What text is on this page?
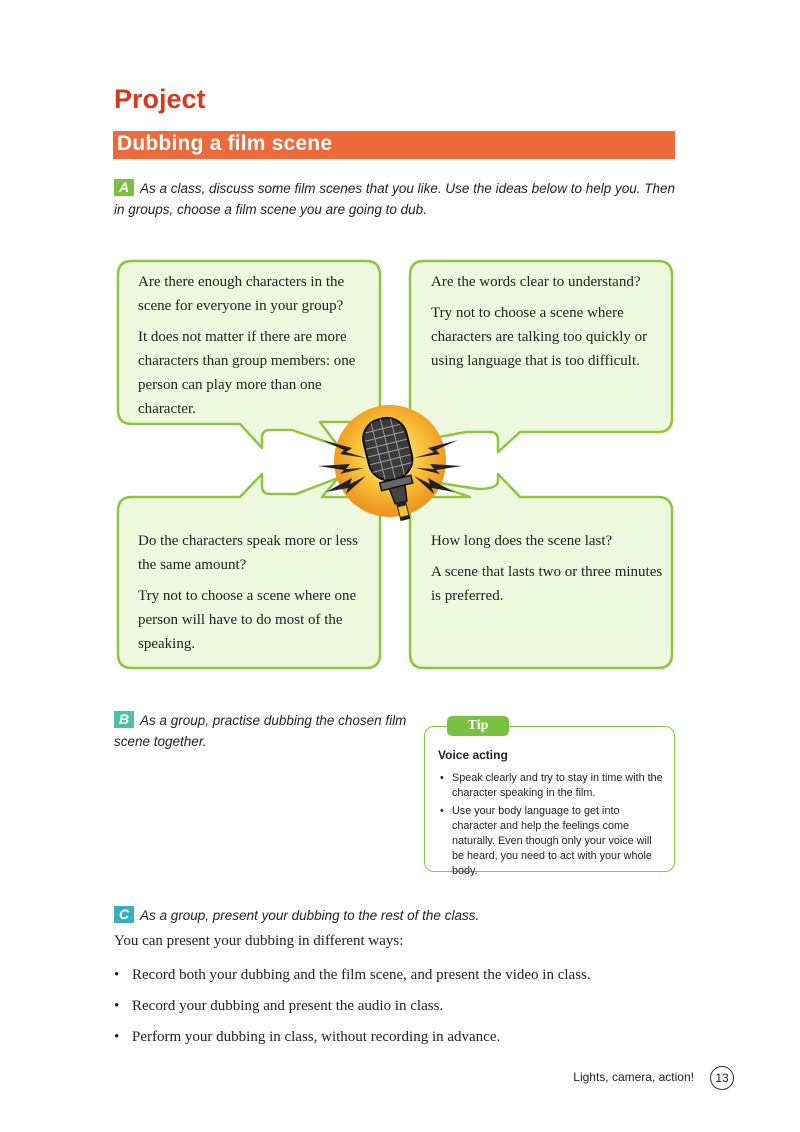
Project
Dubbing a film scene
A As a class, discuss some film scenes that you like. Use the ideas below to help you. Then in groups, choose a film scene you are going to dub.

Are there enough characters in the scene for everyone in your group?

It does not matter if there are more characters than group members: one person can play more than one character.

Are the words clear to understand?

Try not to choose a scene where characters are talking too quickly or using language that is too difficult.

Do the characters speak more or less the same amount?

Try not to choose a scene where one person will have to do most of the speaking.

How long does the scene last?

A scene that lasts two or three minutes is preferred.

B As a group, practise dubbing the chosen film scene together.
Tip
Voice acting
• Speak clearly and try to stay in time with the character speaking in the film.
• Use your body language to get into character and help the feelings come naturally. Even though only your voice will be heard, you need to act with your whole body.
C As a group, present your dubbing to the rest of the class.
You can present your dubbing in different ways:
• Record both your dubbing and the film scene, and present the video in class.
• Record your dubbing and present the audio in class.
• Perform your dubbing in class, without recording in advance.
Lights, camera, action!	13
